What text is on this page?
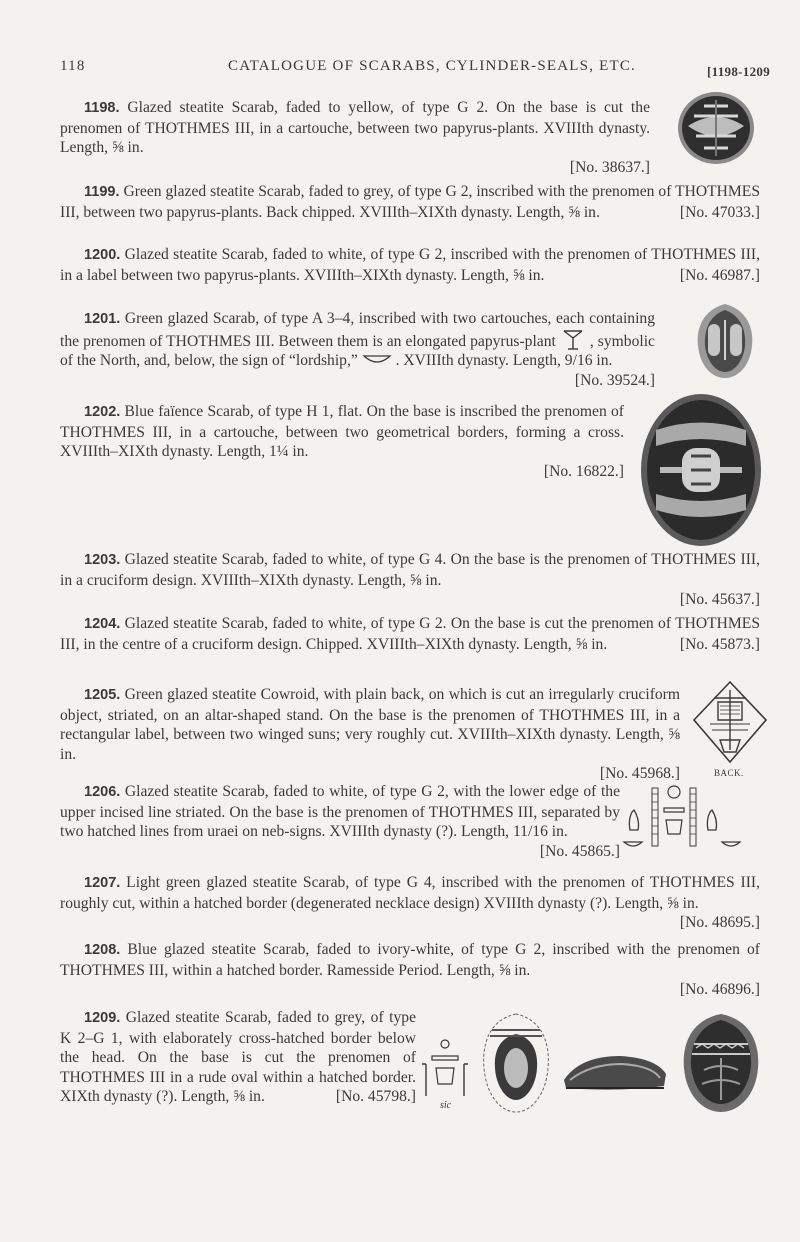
118	CATALOGUE OF SCARABS, CYLINDER-SEALS, ETC.	[1198-1209

1198. Glazed steatite Scarab, faded to yellow, of type G 2. On the base is cut the prenomen of THOTHMES III, in a cartouche, between two papyrus-plants. XVIIIth dynasty. Length, ⅝ in.
[No. 38637.]

1199. Green glazed steatite Scarab, faded to grey, of type G 2, inscribed with the prenomen of THOTHMES III, between two papyrus-plants. Back chipped. XVIIIth–XIXth dynasty. Length, ⅝ in.	[No. 47033.]

1200. Glazed steatite Scarab, faded to white, of type G 2, inscribed with the prenomen of THOTHMES III, in a label between two papyrus-plants. XVIIIth–XIXth dynasty. Length, ⅝ in.	[No. 46987.]

1201. Green glazed Scarab, of type A 3–4, inscribed with two cartouches, each containing the prenomen of THOTHMES III. Between them is an elongated papyrus-plant , symbolic of the North, and, below, the sign of “lordship,” . XVIIIth dynasty. Length, 9/16 in.
[No. 39524.]

1202. Blue faïence Scarab, of type H 1, flat. On the base is inscribed the prenomen of THOTHMES III, in a cartouche, between two geometrical borders, forming a cross. XVIIIth–XIXth dynasty. Length, 1¼ in.
[No. 16822.]

1203. Glazed steatite Scarab, faded to white, of type G 4. On the base is the prenomen of THOTHMES III, in a cruciform design. XVIIIth–XIXth dynasty. Length, ⅝ in.
[No. 45637.]

1204. Glazed steatite Scarab, faded to white, of type G 2. On the base is cut the prenomen of THOTHMES III, in the centre of a cruciform design. Chipped. XVIIIth–XIXth dynasty. Length, ⅝ in.	[No. 45873.]

1205. Green glazed steatite Cowroid, with plain back, on which is cut an irregularly cruciform object, striated, on an altar-shaped stand. On the base is the prenomen of THOTHMES III, in a rectangular label, between two winged suns; very roughly cut. XVIIIth–XIXth dynasty. Length, ⅝ in.
[No. 45968.]	BACK.

1206. Glazed steatite Scarab, faded to white, of type G 2, with the lower edge of the upper incised line striated. On the base is the prenomen of THOTHMES III, separated by two hatched lines from uraei on neb-signs. XVIIIth dynasty (?). Length, 11/16 in.
[No. 45865.]

1207. Light green glazed steatite Scarab, of type G 4, inscribed with the prenomen of THOTHMES III, roughly cut, within a hatched border (degenerated necklace design) XVIIIth dynasty (?). Length, ⅝ in.
[No. 48695.]

1208. Blue glazed steatite Scarab, faded to ivory-white, of type G 2, inscribed with the prenomen of THOTHMES III, within a hatched border. Ramesside Period. Length, ⅝ in.
[No. 46896.]

1209. Glazed steatite Scarab, faded to grey, of type K 2–G 1, with elaborately cross-hatched border below the head. On the base is cut the prenomen of THOTHMES III in a rude oval within a hatched border. XIXth dynasty (?). Length, ⅝ in.	[No. 45798.]

sic
